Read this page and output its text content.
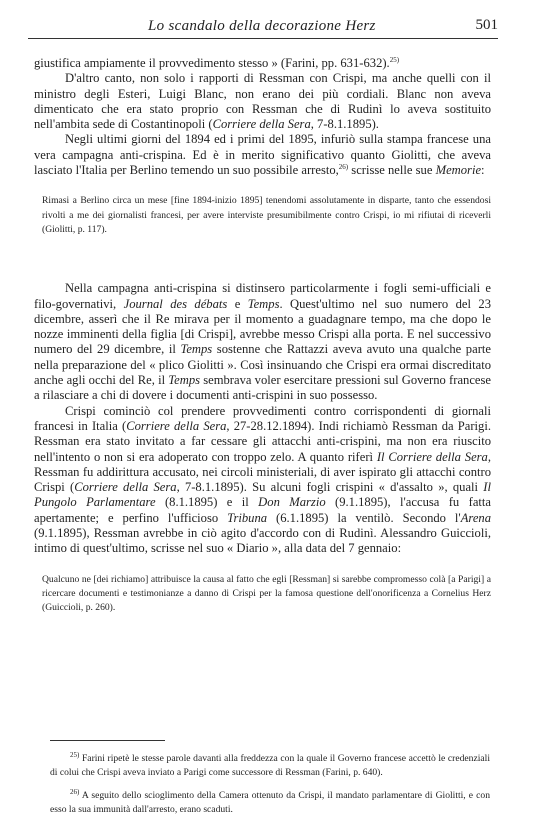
Lo scandalo della decorazione Herz	501

giustifica ampiamente il provvedimento stesso » (Farini, pp. 631-632).$^{25)}$

D'altro canto, non solo i rapporti di Ressman con Crispi, ma anche quelli con il ministro degli Esteri, Luigi Blanc, non erano dei più cordiali. Blanc non aveva dimenticato che era stato proprio con Ressman che di Rudinì lo aveva sostituito nell'ambita sede di Costantinopoli (Corriere della Sera, 7-8.1.1895).

Negli ultimi giorni del 1894 ed i primi del 1895, infuriò sulla stampa francese una vera campagna anti-crispina. Ed è in merito significativo quanto Giolitti, che aveva lasciato l'Italia per Berlino temendo un suo possibile arresto,$^{26)}$ scrisse nelle sue Memorie:

Rimasi a Berlino circa un mese [fine 1894-inizio 1895] tenendomi assolutamente in disparte, tanto che essendosi rivolti a me dei giornalisti francesi, per avere interviste presumibilmente contro Crispi, io mi rifiutai di riceverli (Giolitti, p. 117).

Nella campagna anti-crispina si distinsero particolarmente i fogli semi-ufficiali e filo-governativi, Journal des débats e Temps. Quest'ultimo nel suo numero del 23 dicembre, asserì che il Re mirava per il momento a guadagnare tempo, ma che dopo le nozze imminenti della figlia [di Crispi], avrebbe messo Crispi alla porta. E nel successivo numero del 29 dicembre, il Temps sostenne che Rattazzi aveva avuto una qualche parte nella preparazione del « plico Giolitti ». Così insinuando che Crispi era ormai discreditato anche agli occhi del Re, il Temps sembrava voler esercitare pressioni sul Governo francese a rilasciare a chi di dovere i documenti anti-crispini in suo possesso.

Crispi cominciò col prendere provvedimenti contro corrispondenti di giornali francesi in Italia (Corriere della Sera, 27-28.12.1894). Indi richiamò Ressman da Parigi. Ressman era stato invitato a far cessare gli attacchi anti-crispini, ma non era riuscito nell'intento o non si era adoperato con troppo zelo. A quanto riferì Il Corriere della Sera, Ressman fu addirittura accusato, nei circoli ministeriali, di aver ispirato gli attacchi contro Crispi (Corriere della Sera, 7-8.1.1895). Su alcuni fogli crispini « d'assalto », quali Il Pungolo Parlamentare (8.1.1895) e il Don Marzio (9.1.1895), l'accusa fu fatta apertamente; e perfino l'ufficioso Tribuna (6.1.1895) la ventilò. Secondo l'Arena (9.1.1895), Ressman avrebbe in ciò agito d'accordo con di Rudinì. Alessandro Guiccioli, intimo di quest'ultimo, scrisse nel suo « Diario », alla data del 7 gennaio:

Qualcuno ne [dei richiamo] attribuisce la causa al fatto che egli [Ressman] si sarebbe compromesso colà [a Parigi] a ricercare documenti e testimonianze a danno di Crispi per la famosa questione dell'onorificenza a Cornelius Herz (Guiccioli, p. 260).

$^{25)}$ Farini ripetè le stesse parole davanti alla freddezza con la quale il Governo francese accettò le credenziali di colui che Crispi aveva inviato a Parigi come successore di Ressman (Farini, p. 640).

$^{26)}$ A seguito dello scioglimento della Camera ottenuto da Crispi, il mandato parlamentare di Giolitti, e con esso la sua immunità dall'arresto, erano scaduti.
